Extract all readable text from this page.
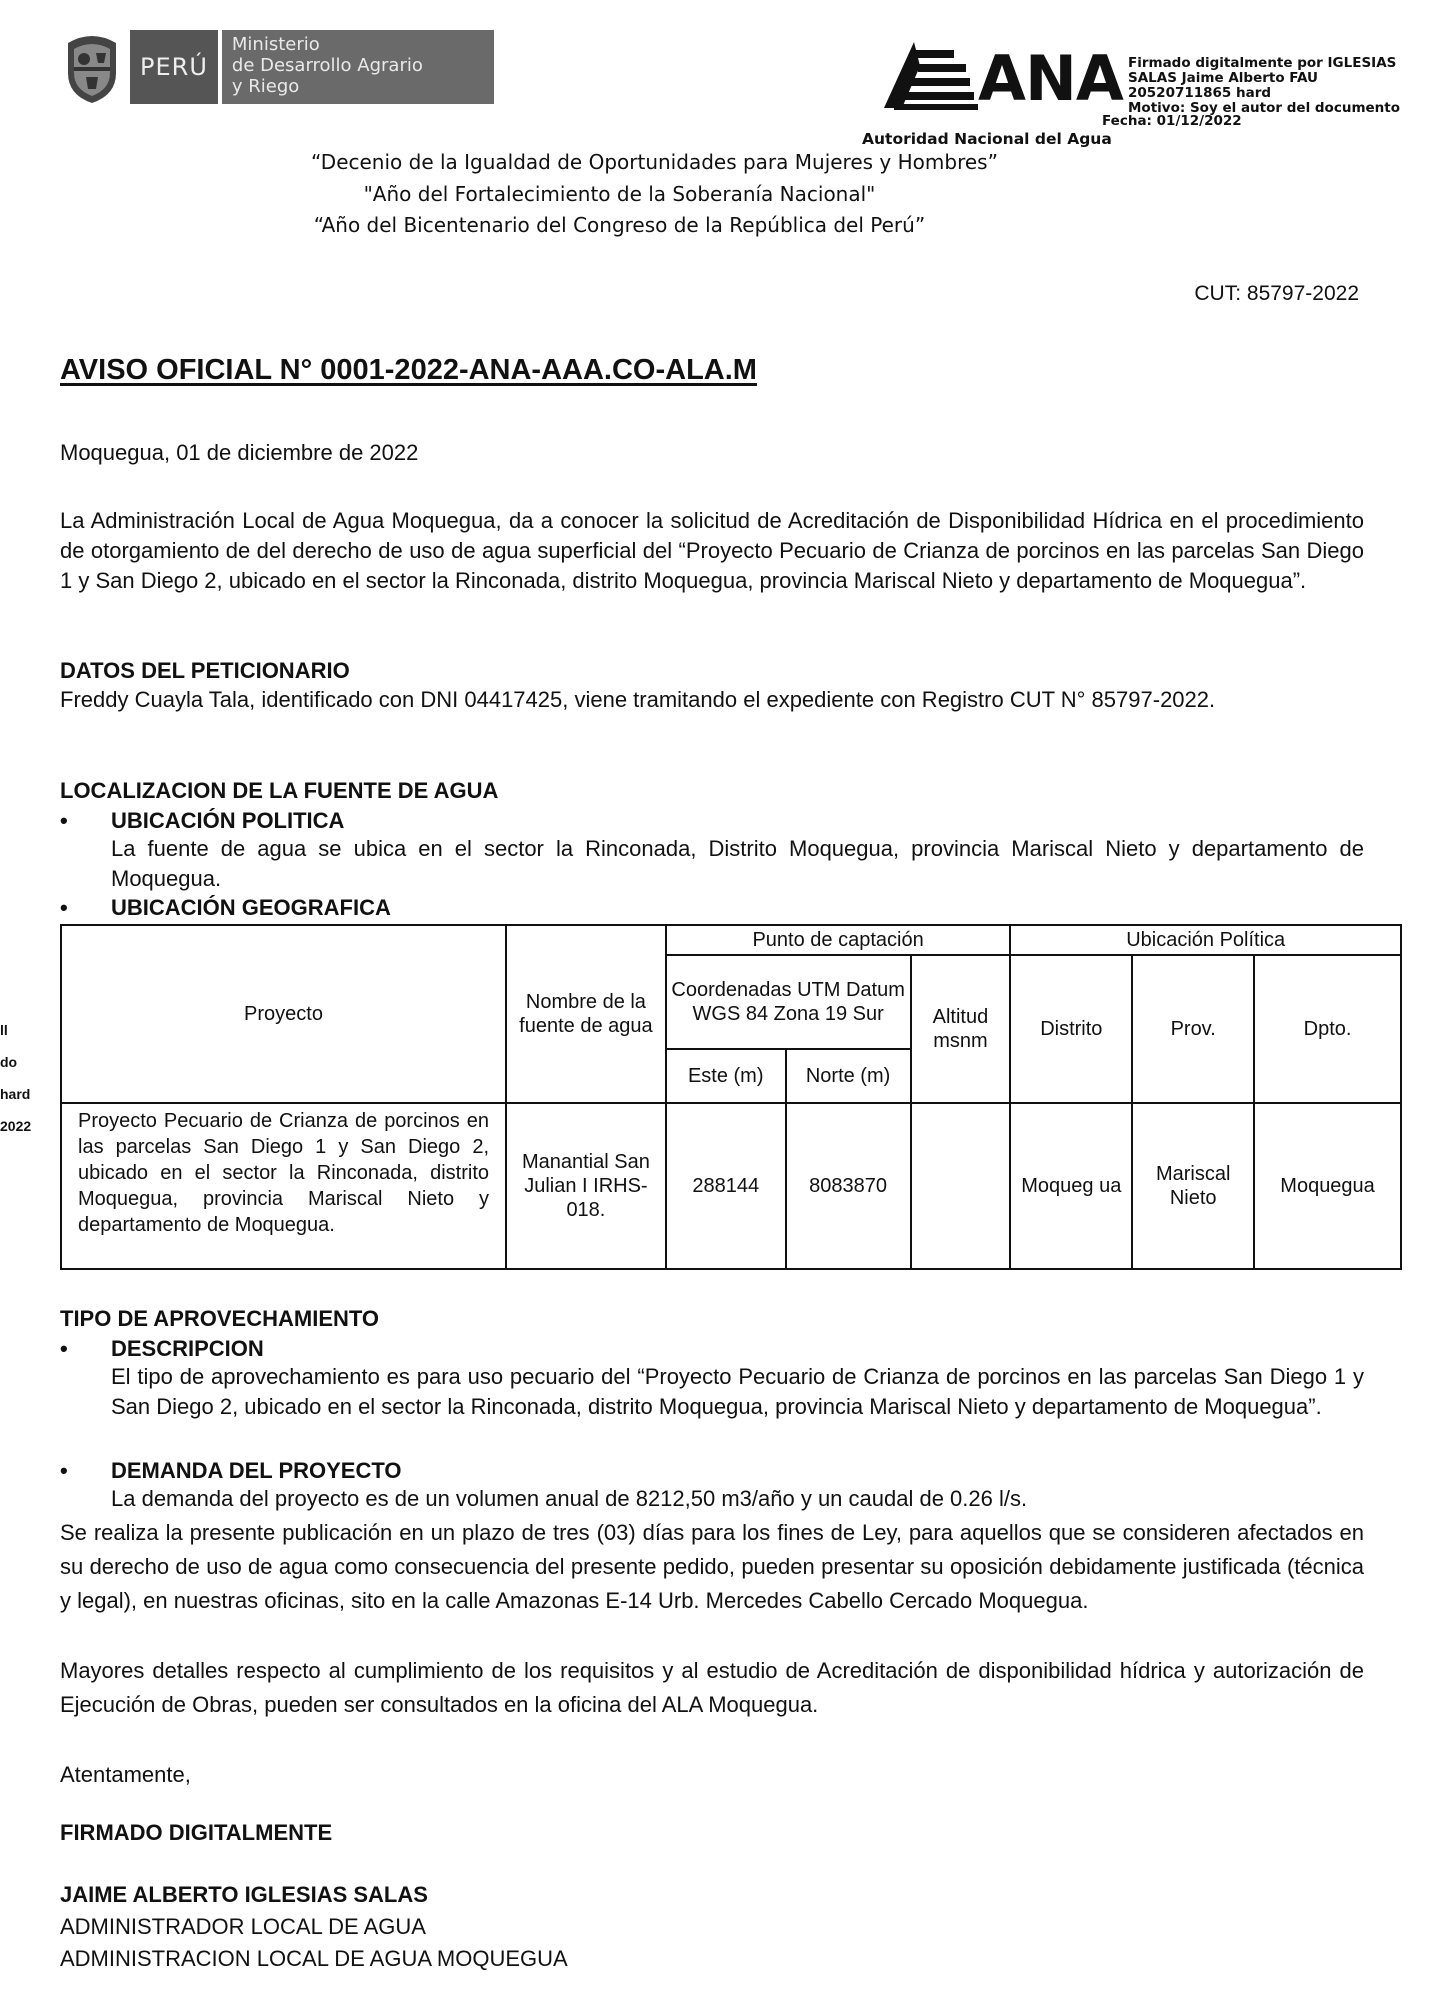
PERÚ
Ministerio
de Desarrollo Agrario
y Riego	ANA
Autoridad Nacional del Agua
Firmado digitalmente por IGLESIAS
SALAS Jaime Alberto FAU
20520711865 hard
Motivo: Soy el autor del documento
Fecha: 01/12/2022
“Decenio de la Igualdad de Oportunidades para Mujeres y Hombres”
"Año del Fortalecimiento de la Soberanía Nacional"
“Año del Bicentenario del Congreso de la República del Perú”
CUT: 85797-2022
AVISO OFICIAL N° 0001-2022-ANA-AAA.CO-ALA.M
Moquegua, 01 de diciembre de 2022
La Administración Local de Agua Moquegua, da a conocer la solicitud de Acreditación de Disponibilidad Hídrica en el procedimiento de otorgamiento de del derecho de uso de agua superficial del “Proyecto Pecuario de Crianza de porcinos en las parcelas San Diego 1 y San Diego 2, ubicado en el sector la Rinconada, distrito Moquegua, provincia Mariscal Nieto y departamento de Moquegua”.
DATOS DEL PETICIONARIO
Freddy Cuayla Tala, identificado con DNI 04417425, viene tramitando el expediente con Registro CUT N° 85797-2022.
LOCALIZACION DE LA FUENTE DE AGUA
• UBICACIÓN POLITICA
La fuente de agua se ubica en el sector la Rinconada, Distrito Moquegua, provincia Mariscal Nieto y departamento de Moquegua.
• UBICACIÓN GEOGRAFICA
ll
do
hard
2022
Proyecto	Nombre de la fuente de agua	Punto de captación			Ubicación Política		
		Coordenadas UTM Datum WGS 84 Zona 19 Sur		Altitud msnm	Distrito	Prov.	Dpto.
		Este (m)	Norte (m)				
Proyecto Pecuario de Crianza de porcinos en las parcelas San Diego 1 y San Diego 2, ubicado en el sector la Rinconada, distrito Moquegua, provincia Mariscal Nieto y departamento de Moquegua.	Manantial San Julian I IRHS-018.	288144	8083870		Moqueg ua	Mariscal Nieto	Moquegua
TIPO DE APROVECHAMIENTO
• DESCRIPCION
El tipo de aprovechamiento es para uso pecuario del “Proyecto Pecuario de Crianza de porcinos en las parcelas San Diego 1 y San Diego 2, ubicado en el sector la Rinconada, distrito Moquegua, provincia Mariscal Nieto y departamento de Moquegua”.
• DEMANDA DEL PROYECTO
La demanda del proyecto es de un volumen anual de 8212,50 m3/año y un caudal de 0.26 l/s.
Se realiza la presente publicación en un plazo de tres (03) días para los fines de Ley, para aquellos que se consideren afectados en su derecho de uso de agua como consecuencia del presente pedido, pueden presentar su oposición debidamente justificada (técnica y legal), en nuestras oficinas, sito en la calle Amazonas E-14 Urb. Mercedes Cabello Cercado Moquegua.
Mayores detalles respecto al cumplimiento de los requisitos y al estudio de Acreditación de disponibilidad hídrica y autorización de Ejecución de Obras, pueden ser consultados en la oficina del ALA Moquegua.
Atentamente,
FIRMADO DIGITALMENTE
JAIME ALBERTO IGLESIAS SALAS
ADMINISTRADOR LOCAL DE AGUA
ADMINISTRACION LOCAL DE AGUA MOQUEGUA
